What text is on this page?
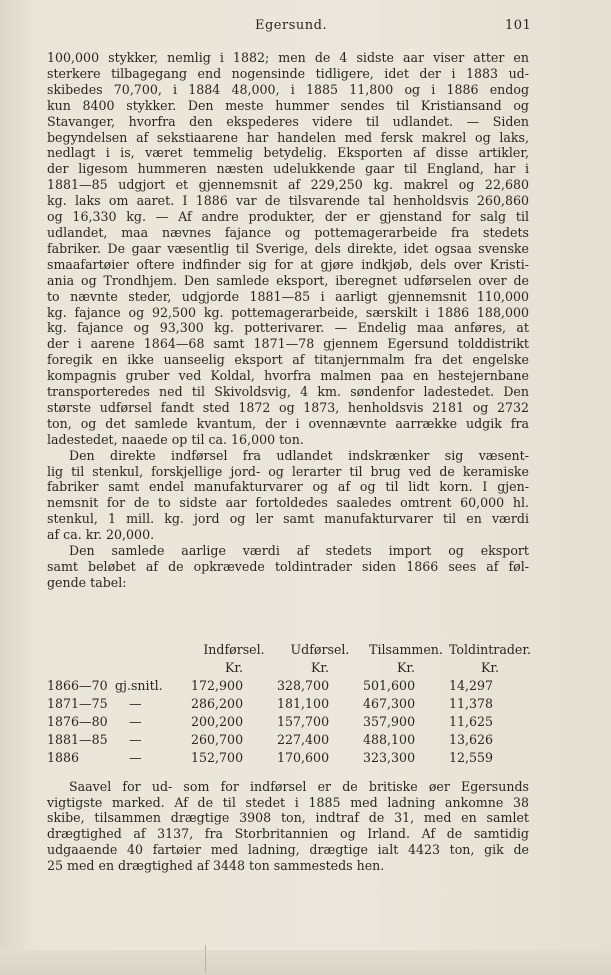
Egersund.	101

100,000 stykker, nemlig i 1882; men de 4 sidste aar viser atter en
sterkere tilbagegang end nogensinde tidligere, idet der i 1883 ud-
skibedes 70,700, i 1884 48,000, i 1885 11,800 og i 1886 endog
kun 8400 stykker. Den meste hummer sendes til Kristiansand og
Stavanger, hvorfra den ekspederes videre til udlandet. — Siden
begyndelsen af sekstiaarene har handelen med fersk makrel og laks,
nedlagt i is, været temmelig betydelig. Eksporten af disse artikler,
der ligesom hummeren næsten udelukkende gaar til England, har i
1881—85 udgjort et gjennemsnit af 229,250 kg. makrel og 22,680
kg. laks om aaret. I 1886 var de tilsvarende tal henholdsvis 260,860
og 16,330 kg. — Af andre produkter, der er gjenstand for salg til
udlandet, maa nævnes fajance og pottemagerarbeide fra stedets
fabriker. De gaar væsentlig til Sverige, dels direkte, idet ogsaa svenske
smaafartøier oftere indfinder sig for at gjøre indkjøb, dels over Kristi-
ania og Trondhjem. Den samlede eksport, iberegnet udførselen over de
to nævnte steder, udgjorde 1881—85 i aarligt gjennemsnit 110,000
kg. fajance og 92,500 kg. pottemagerarbeide, særskilt i 1886 188,000
kg. fajance og 93,300 kg. potterivarer. — Endelig maa anføres, at
der i aarene 1864—68 samt 1871—78 gjennem Egersund tolddistrikt
foregik en ikke uanseelig eksport af titanjernmalm fra det engelske
kompagnis gruber ved Koldal, hvorfra malmen paa en hestejernbane
transporteredes ned til Skivoldsvig, 4 km. søndenfor ladestedet. Den
største udførsel fandt sted 1872 og 1873, henholdsvis 2181 og 2732
ton, og det samlede kvantum, der i ovennævnte aarrække udgik fra
ladestedet, naaede op til ca. 16,000 ton.

Den direkte indførsel fra udlandet indskrænker sig væsent-
lig til stenkul, forskjellige jord- og lerarter til brug ved de keramiske
fabriker samt endel manufakturvarer og af og til lidt korn. I gjen-
nemsnit for de to sidste aar fortoldedes saaledes omtrent 60,000 hl.
stenkul, 1 mill. kg. jord og ler samt manufakturvarer til en værdi
af ca. kr. 20,000.

Den samlede aarlige værdi af stedets import og eksport
samt beløbet af de opkrævede toldintrader siden 1866 sees af føl-
gende tabel:

		Indførsel.	Udførsel.	Tilsammen.	Toldintrader.
		Kr.	Kr.	Kr.	Kr.
1866—70	gj.snitl.	172,900	328,700	501,600	14,297
1871—75	—	286,200	181,100	467,300	11,378
1876—80	—	200,200	157,700	357,900	11,625
1881—85	—	260,700	227,400	488,100	13,626
1886	—	152,700	170,600	323,300	12,559

Saavel for ud- som for indførsel er de britiske øer Egersunds
vigtigste marked. Af de til stedet i 1885 med ladning ankomne 38
skibe, tilsammen drægtige 3908 ton, indtraf de 31, med en samlet
drægtighed af 3137, fra Storbritannien og Irland. Af de samtidig
udgaaende 40 fartøier med ladning, drægtige ialt 4423 ton, gik de
25 med en drægtighed af 3448 ton sammesteds hen.
